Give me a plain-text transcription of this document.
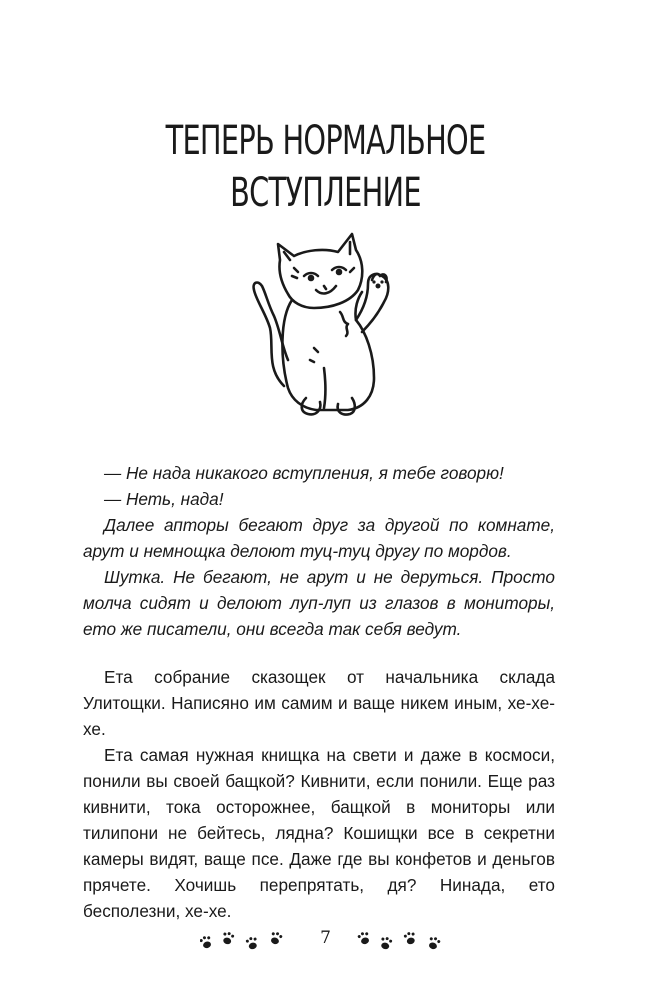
ТЕПЕРЬ НОРМАЛЬНОЕ
ВСТУПЛЕНИЕ

— Не нада никакого вступления, я тебе говорю!

— Неть, нада!

Далее апторы бегают друг за другой по комнате, арут и немнощка делоют туц-туц другу по мордов.

Шутка. Не бегают, не арут и не деруться. Просто молча сидят и делоют луп-луп из глазов в мониторы, ето же писатели, они всегда так себя ведут.

Ета собрание сказощек от начальника склада Улитощки. Написяно им самим и ваще никем иным, хе-хе-хе.

Ета самая нужная книщка на свети и даже в космоси, понили вы своей бащкой? Кивнити, если понили. Еще раз кивнити, тока осторожнее, бащкой в мониторы или тилипони не бейтесь, лядна? Кошищки все в секретни камеры видят, ваще псе. Даже где вы конфетов и деньгов прячете. Хочишь перепрятать, дя? Нинада, ето бесполезни, хе-хе.

7
